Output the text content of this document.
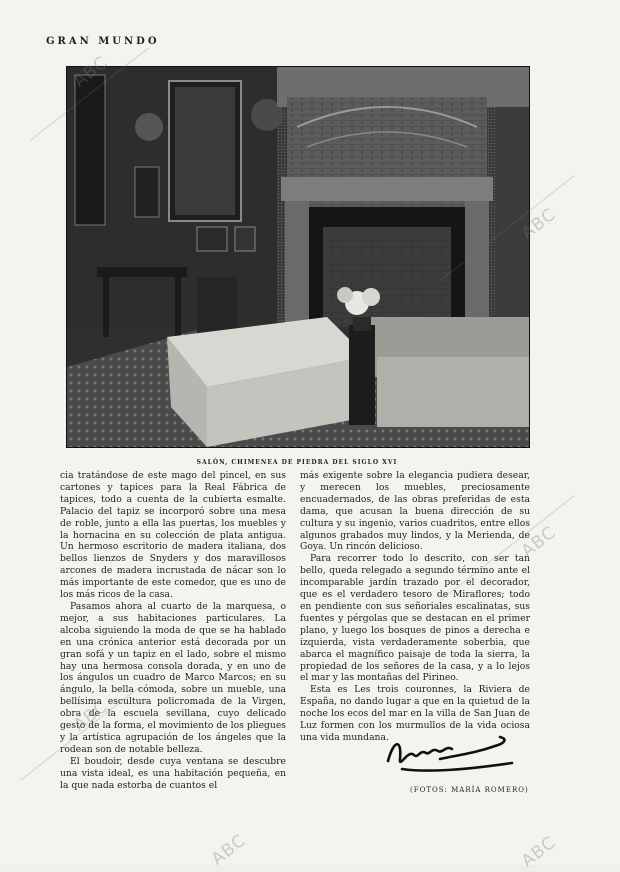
GRAN MUNDO
SALÓN, CHIMENEA DE PIEDRA DEL SIGLO XVI

cia tratándose de este mago del pincel, en sus cartones y tapices para la Real Fábrica de tapices, todo a cuenta de la cubierta esmalte. Palacio del tapiz se incorporó sobre una mesa de roble, junto a ella las puertas, los muebles y la hornacina en su colección de plata antigua. Un hermoso escritorio de madera italiana, dos bellos lienzos de Snyders y dos maravillosos arcones de madera incrustada de nácar son lo más importante de este comedor, que es uno de los más ricos de la casa.

Pasamos ahora al cuarto de la marquesa, o mejor, a sus habitaciones particulares. La alcoba siguiendo la moda de que se ha hablado en una crónica anterior está decorada por un gran sofá y un tapiz en el lado, sobre el mismo hay una hermosa consola dorada, y en uno de los ángulos un cuadro de Marco Marcos; en su ángulo, la bella cómoda, sobre un mueble, una bellísima escultura policromada de la Virgen, obra de la escuela sevillana, cuyo delicado gesto de la forma, el movimiento de los pliegues y la artística agrupación de los ángeles que la rodean son de notable belleza.

El boudoir, desde cuya ventana se descubre una vista ideal, es una habitación pequeña, en la que nada estorba de cuantos el

más exigente sobre la elegancia pudiera desear, y merecen los muebles, preciosamente encuadernados, de las obras preferidas de esta dama, que acusan la buena dirección de su cultura y su ingenio, varios cuadritos, entre ellos algunos grabados muy lindos, y la Merienda, de Goya. Un rincón delicioso.

Para recorrer todo lo descrito, con ser tan bello, queda relegado a segundo término ante el incomparable jardín trazado por el decorador, que es el verdadero tesoro de Miraflores; todo en pendiente con sus señoriales escalinatas, sus fuentes y pérgolas que se destacan en el primer plano, y luego los bosques de pinos a derecha e izquierda, vista verdaderamente soberbia, que abarca el magnífico paisaje de toda la sierra, la propiedad de los señores de la casa, y a lo lejos el mar y las montañas del Pirineo.

Esta es Les trois couronnes, la Riviera de España, no dando lugar a que en la quietud de la noche los ecos del mar en la villa de San Juan de Luz formen con los murmullos de la vida ociosa una vida mundana.

(FOTOS: MARÍA ROMERO)
ABC
ABC
ABC
ABC
ABC	ABC
